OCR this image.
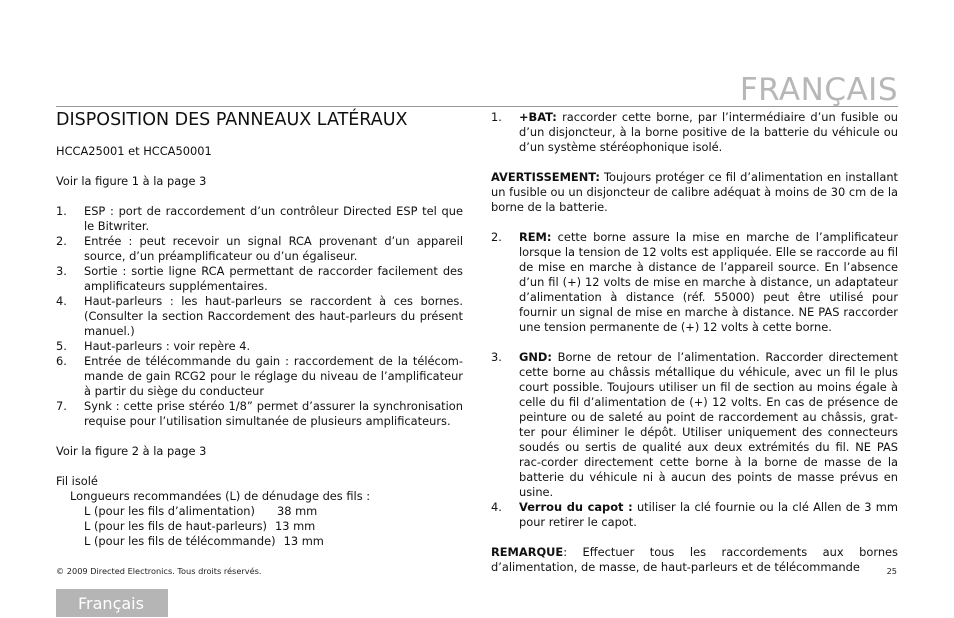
FRANÇAIS
DISPOSITION DES PANNEAUX LATÉRAUX

HCCA25001 et HCCA50001

Voir la figure 1 à la page 3

1.	ESP : port de raccordement d’un contrôleur Directed ESP tel que le Bitwriter.
2.	Entrée : peut recevoir un signal RCA provenant d’un appareil source, d’un préamplificateur ou d’un égaliseur.
3.	Sortie : sortie ligne RCA permettant de raccorder facilement des amplificateurs supplémentaires.
4.	Haut-parleurs : les haut-parleurs se raccordent à ces bornes. (Consulter la section Raccordement des haut-parleurs du présent manuel.)
5.	Haut-parleurs : voir repère 4.
6.	Entrée de télécommande du gain : raccordement de la télécom-mande de gain RCG2 pour le réglage du niveau de l’amplificateur à partir du siège du conducteur
7.	Synk : cette prise stéréo 1/8” permet d’assurer la synchronisation requise pour l’utilisation simultanée de plusieurs amplificateurs.

Voir la figure 2 à la page 3

Fil isolé
Longueurs recommandées (L) de dénudage des fils :
L (pour les fils d’alimentation) 38 mm
L (pour les fils de haut-parleurs) 13 mm
L (pour les fils de télécommande) 13 mm
1.	+BAT: raccorder cette borne, par l’intermédiaire d’un fusible ou d’un disjoncteur, à la borne positive de la batterie du véhicule ou d’un système stéréophonique isolé.

AVERTISSEMENT: Toujours protéger ce fil d’alimentation en installant un fusible ou un disjoncteur de calibre adéquat à moins de 30 cm de la borne de la batterie.

2.	REM: cette borne assure la mise en marche de l’amplificateur lorsque la tension de 12 volts est appliquée. Elle se raccorde au fil de mise en marche à distance de l’appareil source. En l’absence d’un fil (+) 12 volts de mise en marche à distance, un adaptateur d’alimentation à distance (réf. 55000) peut être utilisé pour fournir un signal de mise en marche à distance. NE PAS raccorder une tension permanente de (+) 12 volts à cette borne.
3.	GND: Borne de retour de l’alimentation. Raccorder directement cette borne au châssis métallique du véhicule, avec un fil le plus court possible. Toujours utiliser un fil de section au moins égale à celle du fil d’alimentation de (+) 12 volts. En cas de présence de peinture ou de saleté au point de raccordement au châssis, grat-ter pour éliminer le dépôt. Utiliser uniquement des connecteurs soudés ou sertis de qualité aux deux extrémités du fil. NE PAS rac-corder directement cette borne à la borne de masse de la batterie du véhicule ni à aucun des points de masse prévus en usine.
4.	Verrou du capot : utiliser la clé fournie ou la clé Allen de 3 mm pour retirer le capot.

REMARQUE: Effectuer tous les raccordements aux bornes d’alimentation, de masse, de haut-parleurs et de télécommande

© 2009 Directed Electronics. Tous droits réservés.	25
Français
